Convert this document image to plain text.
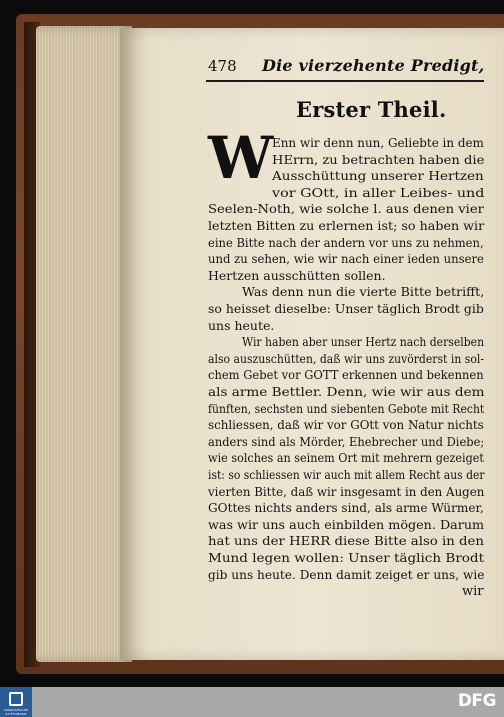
478 Die vierzehente Predigt,
Erster Theil.
W
Enn wir denn nun, Geliebte in dem
HErrn, zu betrachten haben die
Ausschüttung unserer Hertzen
vor GOtt, in aller Leibes- und
Seelen-Noth, wie solche l. aus denen vier
letzten Bitten zu erlernen ist; so haben wir
eine Bitte nach der andern vor uns zu nehmen,
und zu sehen, wie wir nach einer ieden unsere
Hertzen ausschütten sollen.
Was denn nun die vierte Bitte betrifft,
so heisset dieselbe: Unser täglich Brodt gib
uns heute.
Wir haben aber unser Hertz nach derselben
also auszuschütten, daß wir uns zuvörderst in sol-
chem Gebet vor GOTT erkennen und bekennen
als arme Bettler. Denn, wie wir aus dem
fünften, sechsten und siebenten Gebote mit Recht
schliessen, daß wir vor GOtt von Natur nichts
anders sind als Mörder, Ehebrecher und Diebe;
wie solches an seinem Ort mit mehrern gezeiget
ist: so schliessen wir auch mit allem Recht aus der
vierten Bitte, daß wir insgesamt in den Augen
GOttes nichts anders sind, als arme Würmer,
was wir uns auch einbilden mögen. Darum
hat uns der HERR diese Bitte also in den
Mund legen wollen: Unser täglich Brodt
gib uns heute. Denn damit zeiget er uns, wie
wir
FRANCKESCHE STIFTUNGEN
DFG
